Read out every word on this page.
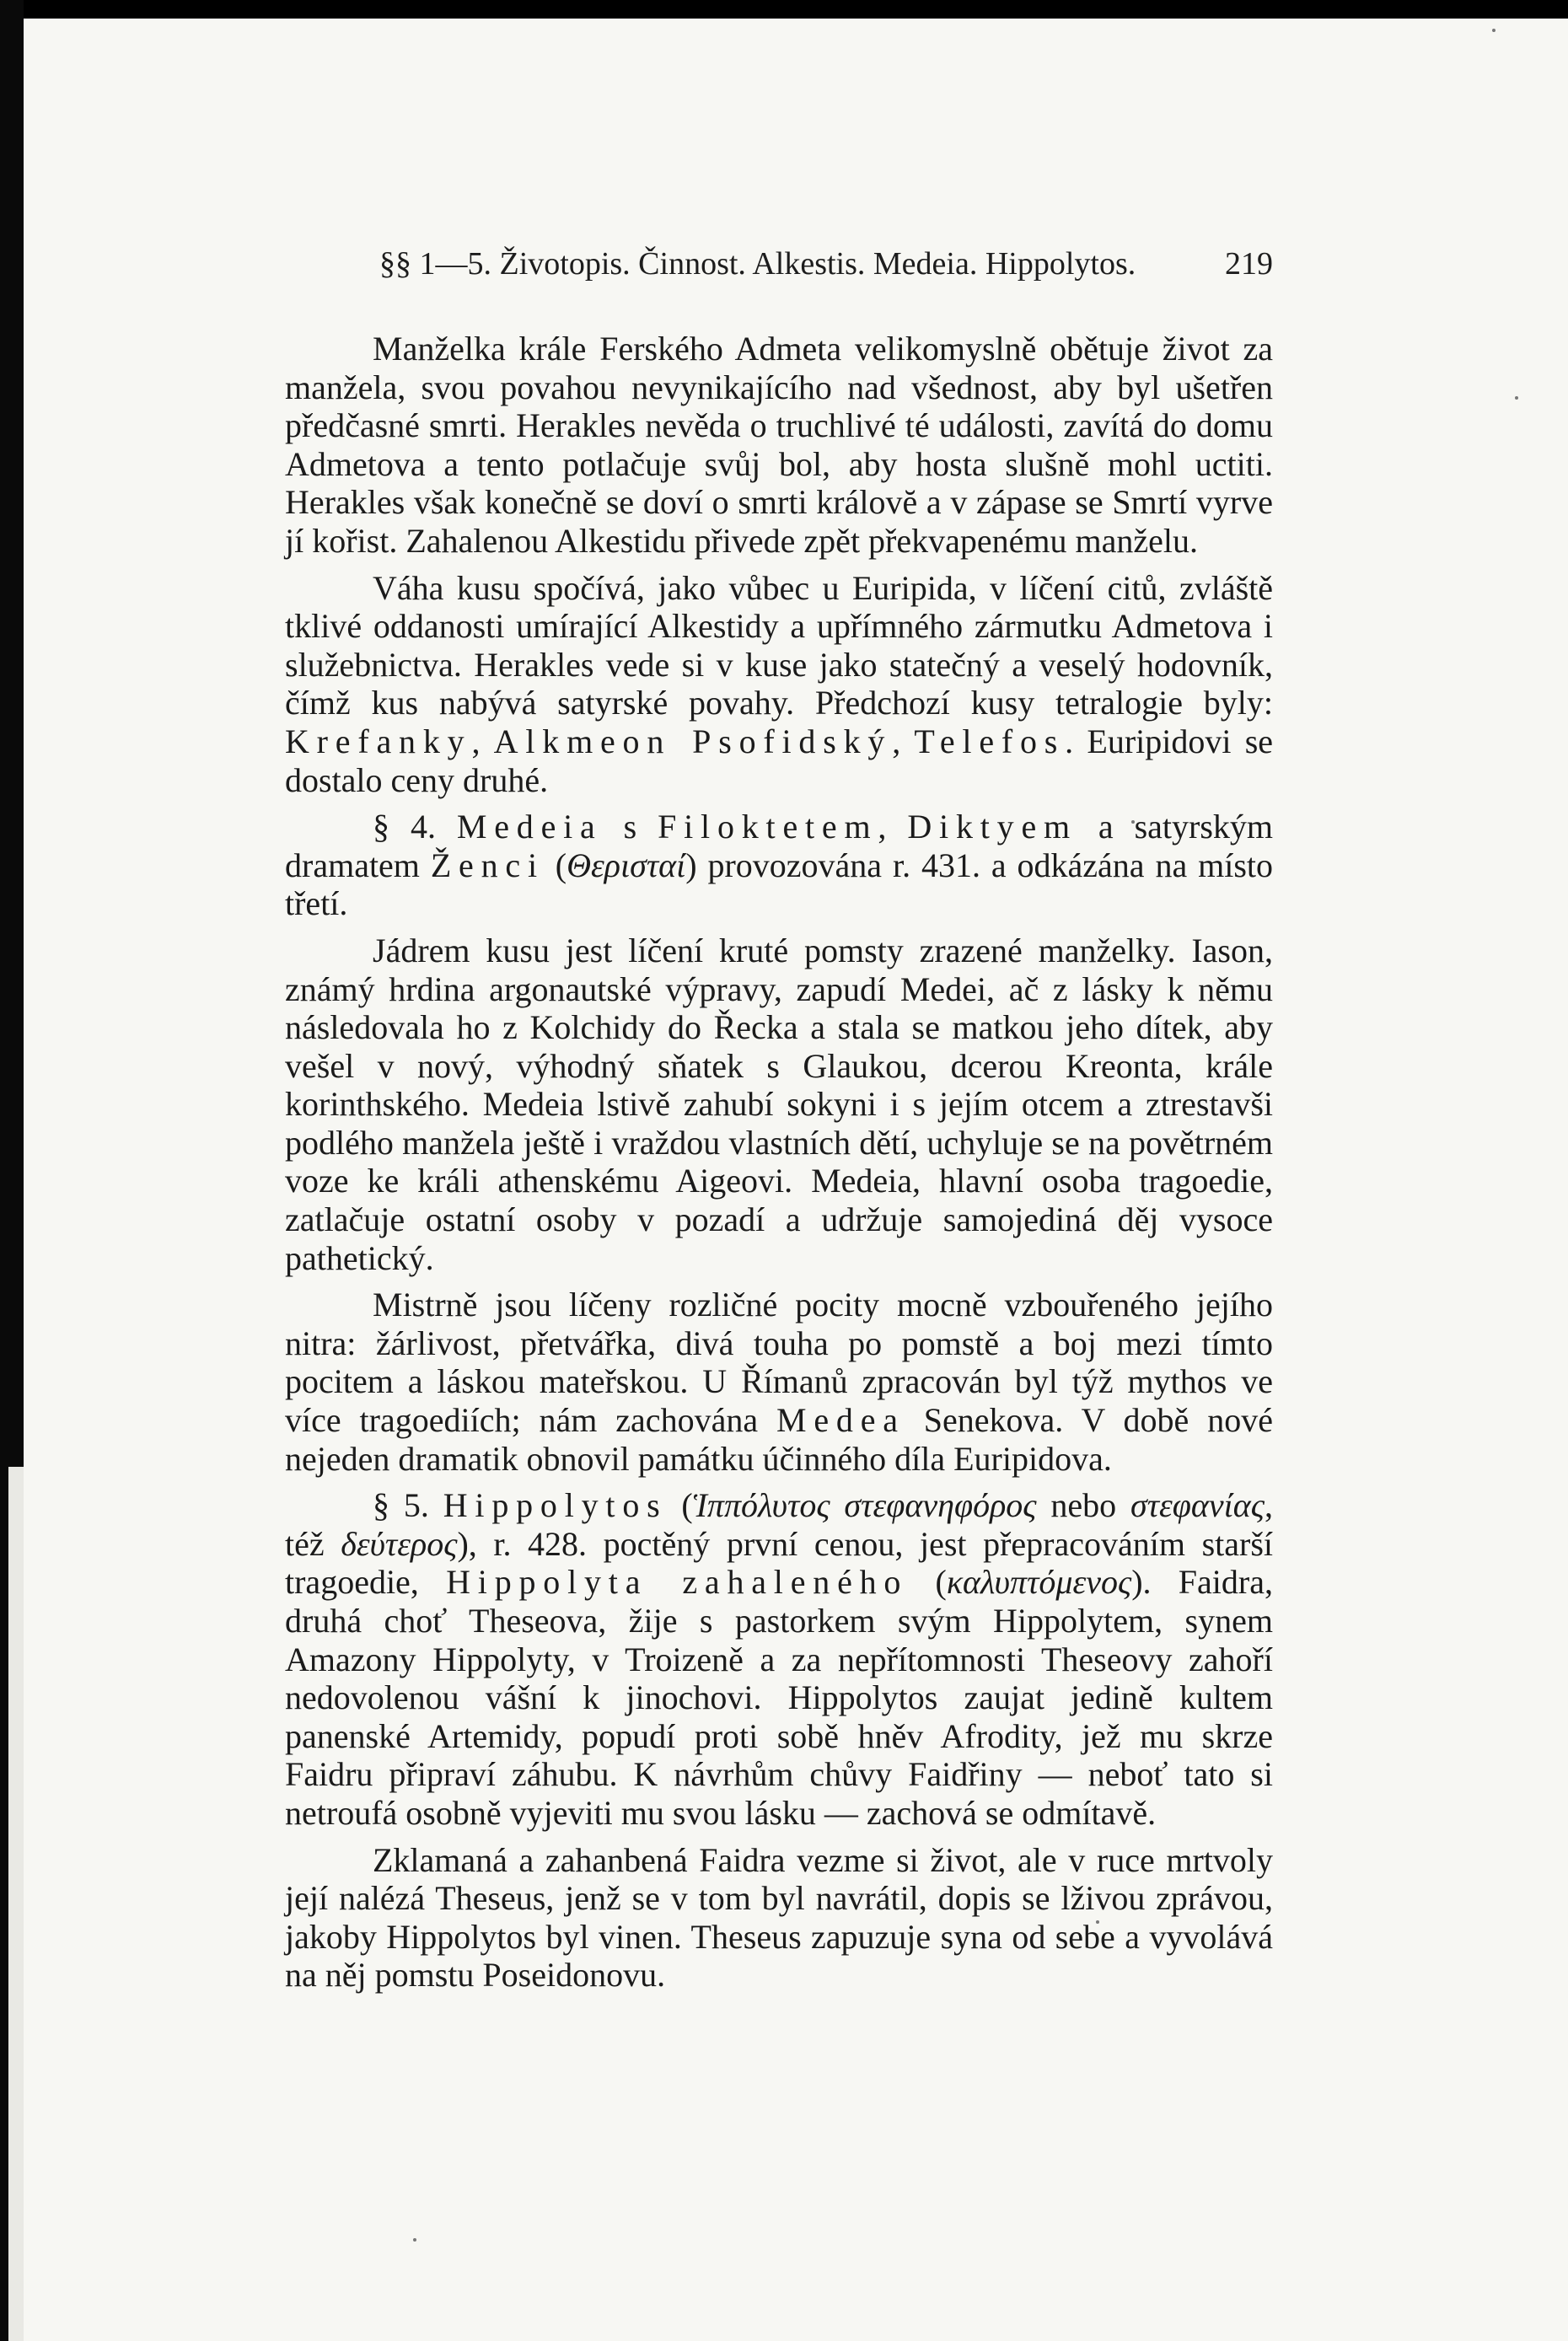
§§ 1—5. Životopis. Činnost. Alkestis. Medeia. Hippolytos.	219

Manželka krále Ferského Admeta velikomyslně obětuje život za manžela, svou povahou nevynikajícího nad všednost, aby byl ušetřen předčasné smrti. Herakles nevěda o truchlivé té události, zavítá do domu Admetova a tento potlačuje svůj bol, aby hosta slušně mohl uctiti. Herakles však konečně se doví o smrti královĕ a v zápase se Smrtí vyrve jí kořist. Zahalenou Alkestidu přivede zpět překvapenému manželu.

Váha kusu spočívá, jako vůbec u Euripida, v líčení citů, zvláště tklivé oddanosti umírající Alkestidy a upřímného zármutku Admetova i služebnictva. Herakles vede si v kuse jako statečný a veselý hodovník, čímž kus nabývá satyrské povahy. Předchozí kusy tetralogie byly: Krefanky, Alkmeon Psofidský, Telefos. Euripidovi se dostalo ceny druhé.

§ 4. Medeia s Filoktetem, Diktyem a satyrským dramatem Ženci (Θερισταί) provozována r. 431. a odkázána na místo třetí.

Jádrem kusu jest líčení kruté pomsty zrazené manželky. Iason, známý hrdina argonautské výpravy, zapudí Medei, ač z lásky k němu následovala ho z Kolchidy do Řecka a stala se matkou jeho dítek, aby vešel v nový, výhodný sňatek s Glaukou, dcerou Kreonta, krále korinthského. Medeia lstivě zahubí sokyni i s jejím otcem a ztrestavši podlého manžela ještě i vraždou vlastních dětí, uchyluje se na povětrném voze ke králi athenskému Aigeovi. Medeia, hlavní osoba tragoedie, zatlačuje ostatní osoby v pozadí a udržuje samojediná děj vysoce pathetický.

Mistrně jsou líčeny rozličné pocity mocně vzbouřeného jejího nitra: žárlivost, přetvářka, divá touha po pomstě a boj mezi tímto pocitem a láskou mateřskou. U Římanů zpracován byl týž mythos ve více tragoediích; nám zachována Medea Senekova. V době nové nejeden dramatik obnovil památku účinného díla Euripidova.

§ 5. Hippolytos (Ἱππόλυτος στεφανηφόρος nebo στεφανίας, též δεύτερος), r. 428. poctěný první cenou, jest přepracováním starší tragoedie, Hippolyta zahaleného (καλυπτόμενος). Faidra, druhá choť Theseova, žije s pastorkem svým Hippolytem, synem Amazony Hippolyty, v Troizeně a za nepřítomnosti Theseovy zahoří nedovolenou vášní k jinochovi. Hippolytos zaujat jedině kultem panenské Artemidy, popudí proti sobě hněv Afrodity, jež mu skrze Faidru připraví záhubu. K návrhům chůvy Faidřiny — neboť tato si netroufá osobně vyjeviti mu svou lásku — zachová se odmítavě.

Zklamaná a zahanbená Faidra vezme si život, ale v ruce mrtvoly její nalézá Theseus, jenž se v tom byl navrátil, dopis se lživou zprávou, jakoby Hippolytos byl vinen. Theseus zapuzuje syna od sebe a vyvolává na něj pomstu Poseidonovu.
